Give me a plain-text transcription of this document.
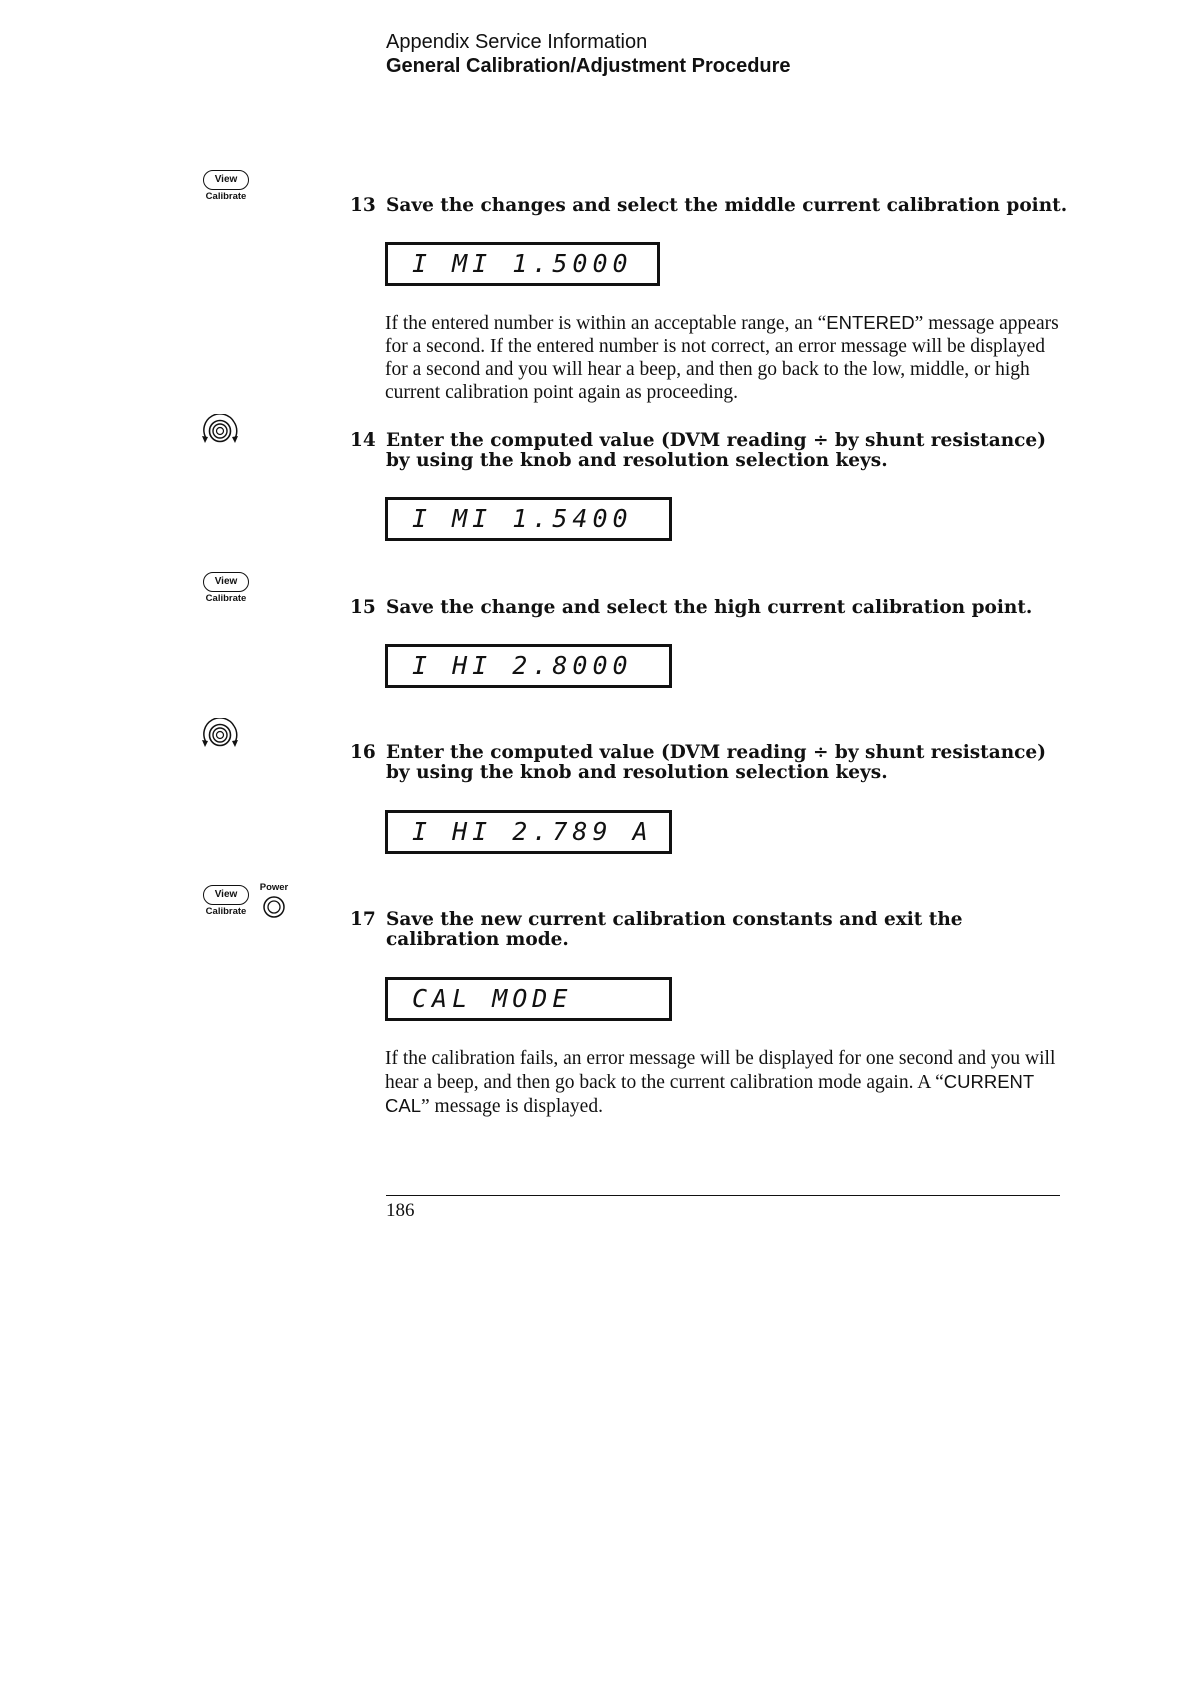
Appendix Service Information
General Calibration/Adjustment Procedure
View
Calibrate	13 Save the changes and select the middle current calibration point.
I MI 1.5000
If the entered number is within an acceptable range, an “ENTERED” message appears for a second. If the entered number is not correct, an error message will be displayed for a second and you will hear a beep, and then go back to the low, middle, or high current calibration point again as proceeding.
14 Enter the computed value (DVM reading ÷ by shunt resistance) by using the knob and resolution selection keys.
I MI 1.5400
View
Calibrate	15 Save the change and select the high current calibration point.
I HI 2.8000
16 Enter the computed value (DVM reading ÷ by shunt resistance) by using the knob and resolution selection keys.
I HI 2.789 A
View
Calibrate
Power
17 Save the new current calibration constants and exit the calibration mode.
CAL MODE
If the calibration fails, an error message will be displayed for one second and you will hear a beep, and then go back to the current calibration mode again. A “CURRENT CAL” message is displayed.
186
